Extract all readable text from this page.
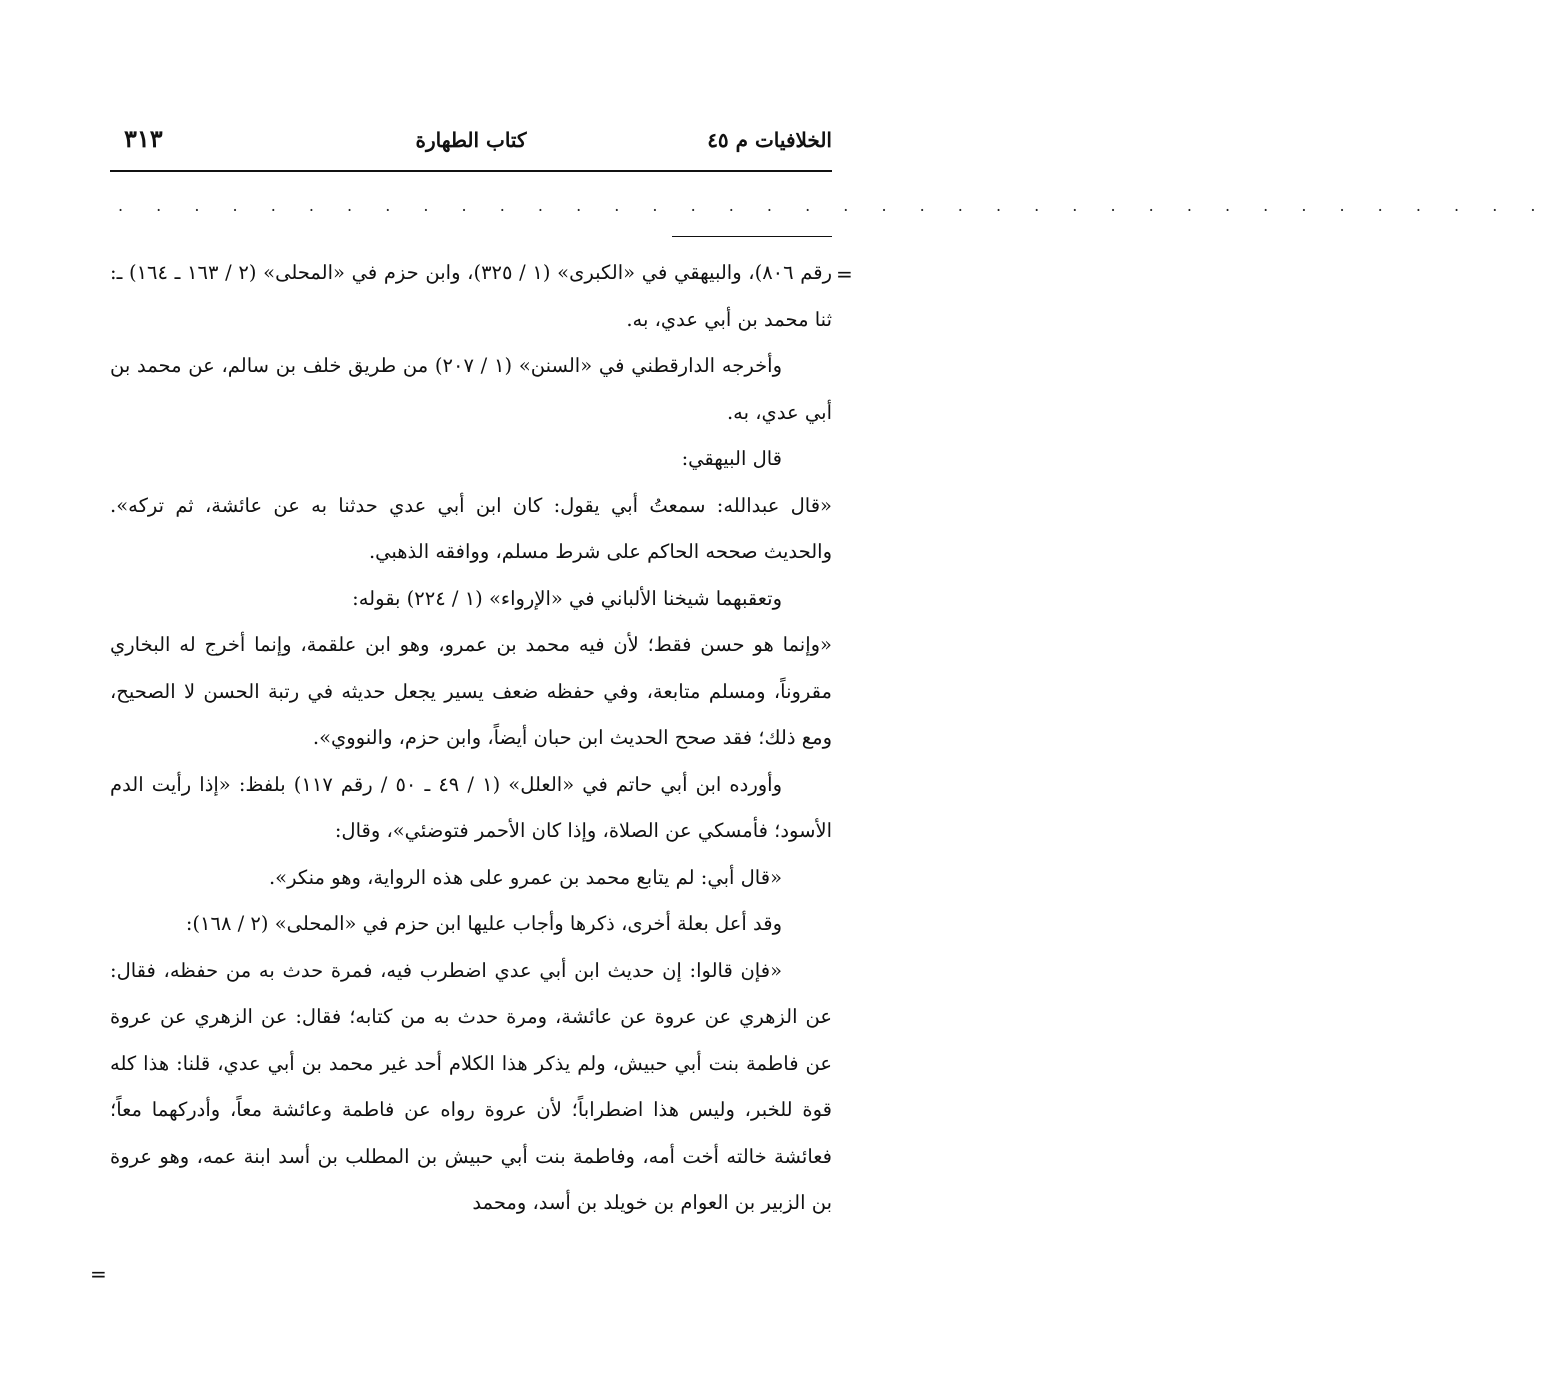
=
الخلافيات م ٤٥
كتاب الطهارة
٣١٣
. . . . . . . . . . . . . . . . . . . . . . . . . . . . . . . . . . . . . .

رقم ٨٠٦)، والبيهقي في «الكبرى» (١ / ٣٢٥)، وابن حزم في «المحلى» (٢ / ١٦٣ ـ ١٦٤) ـ: ثنا محمد بن أبي عدي، به.

وأخرجه الدارقطني في «السنن» (١ / ٢٠٧) من طريق خلف بن سالم، عن محمد بن أبي عدي، به.

قال البيهقي:

«قال عبدالله: سمعتُ أبي يقول: كان ابن أبي عدي حدثنا به عن عائشة، ثم تركه». والحديث صححه الحاكم على شرط مسلم، ووافقه الذهبي.

وتعقبهما شيخنا الألباني في «الإرواء» (١ / ٢٢٤) بقوله:

«وإنما هو حسن فقط؛ لأن فيه محمد بن عمرو، وهو ابن علقمة، وإنما أخرج له البخاري مقروناً، ومسلم متابعة، وفي حفظه ضعف يسير يجعل حديثه في رتبة الحسن لا الصحيح، ومع ذلك؛ فقد صحح الحديث ابن حبان أيضاً، وابن حزم، والنووي».

وأورده ابن أبي حاتم في «العلل» (١ / ٤٩ ـ ٥٠ / رقم ١١٧) بلفظ: «إذا رأيت الدم الأسود؛ فأمسكي عن الصلاة، وإذا كان الأحمر فتوضئي»، وقال:

«قال أبي: لم يتابع محمد بن عمرو على هذه الرواية، وهو منكر».

وقد أعل بعلة أخرى، ذكرها وأجاب عليها ابن حزم في «المحلى» (٢ / ١٦٨):

«فإن قالوا: إن حديث ابن أبي عدي اضطرب فيه، فمرة حدث به من حفظه، فقال: عن الزهري عن عروة عن عائشة، ومرة حدث به من كتابه؛ فقال: عن الزهري عن عروة عن فاطمة بنت أبي حبيش، ولم يذكر هذا الكلام أحد غير محمد بن أبي عدي، قلنا: هذا كله قوة للخبر، وليس هذا اضطراباً؛ لأن عروة رواه عن فاطمة وعائشة معاً، وأدركهما معاً؛ فعائشة خالته أخت أمه، وفاطمة بنت أبي حبيش بن المطلب بن أسد ابنة عمه، وهو عروة بن الزبير بن العوام بن خويلد بن أسد، ومحمد

=
